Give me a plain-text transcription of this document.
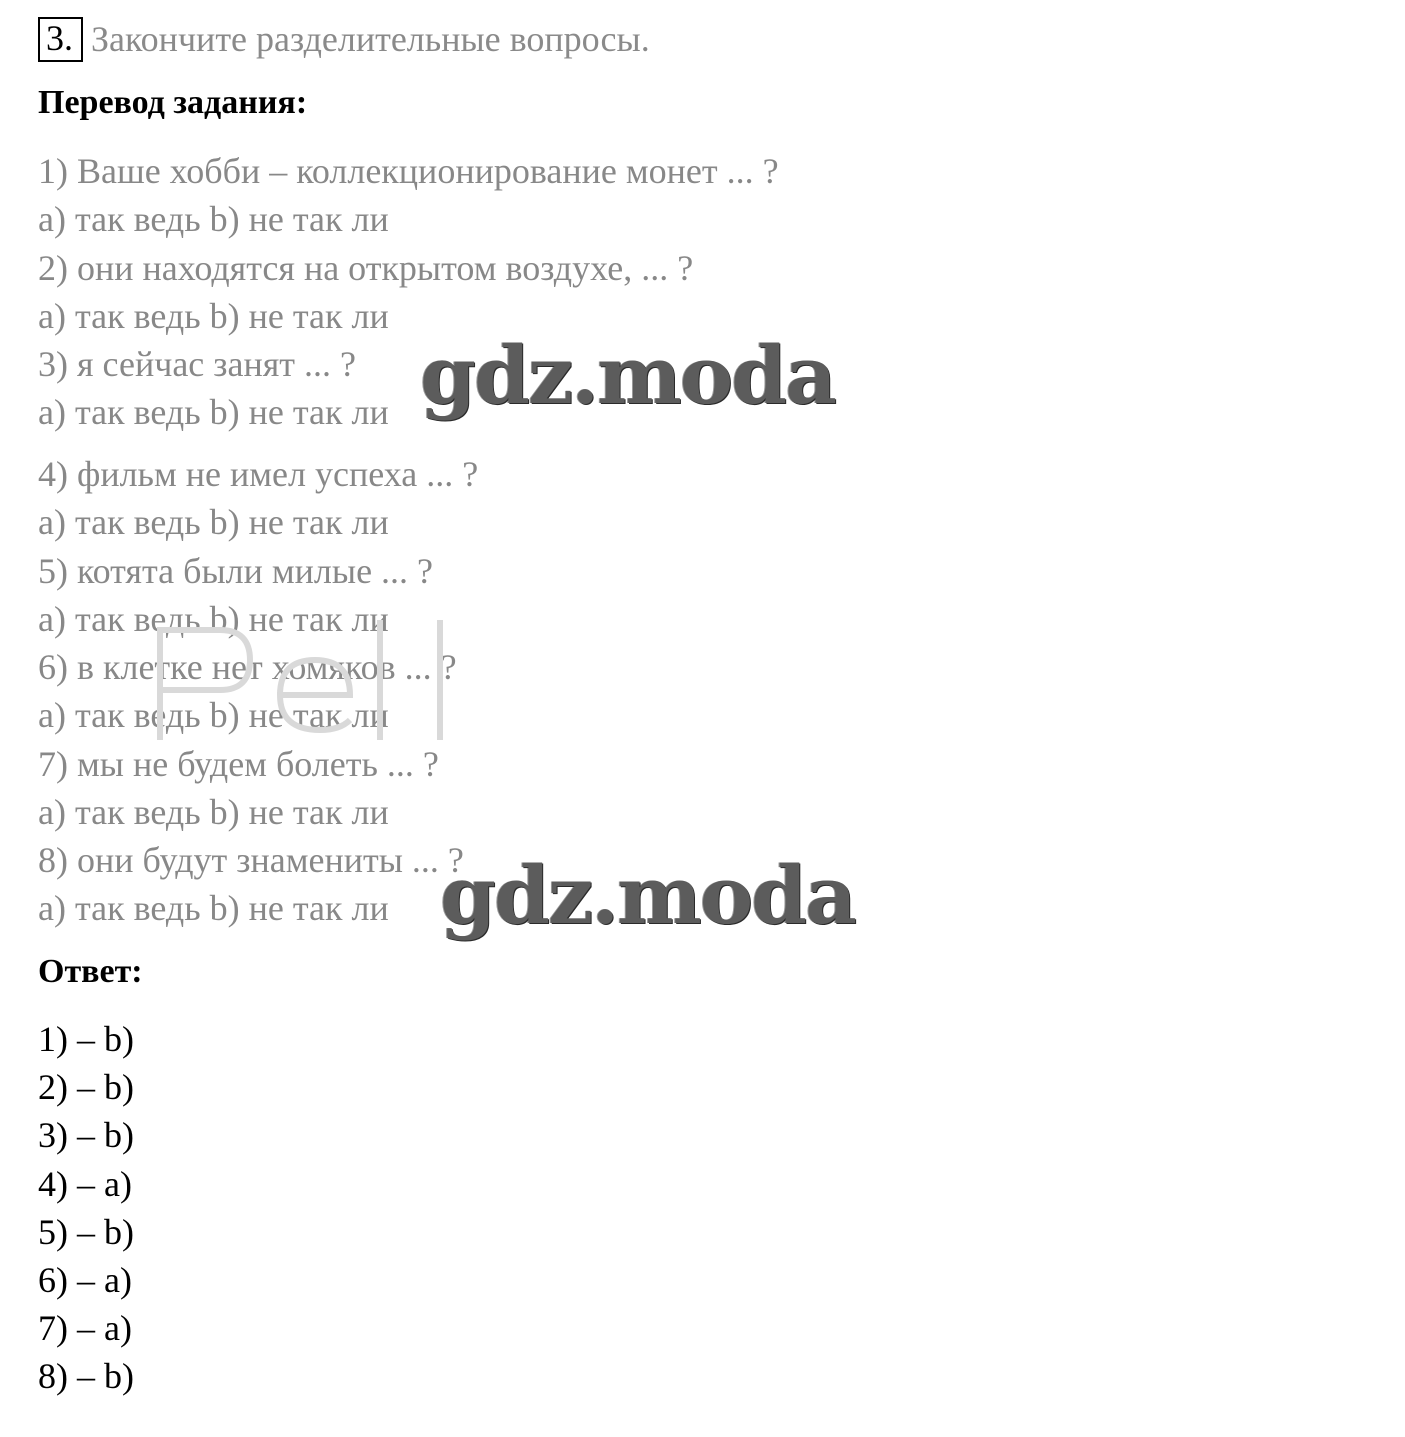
3. Закончите разделительные вопросы.
Перевод задания:
1) Ваше хобби – коллекционирование монет ... ?
a) так ведь b) не так ли
2) они находятся на открытом воздухе, ... ?
a) так ведь b) не так ли
3) я сейчас занят ... ?
a) так ведь b) не так ли
4) фильм не имел успеха ... ?
a) так ведь b) не так ли
5) котята были милые ... ?
a) так ведь b) не так ли
6) в клетке нет хомяков ... ?
a) так ведь b) не так ли
7) мы не будем болеть ... ?
a) так ведь b) не так ли
8) они будут знамениты ... ?
a) так ведь b) не так ли
gdz.moda
gdz.moda
Ответ:
1) – b)
2) – b)
3) – b)
4) – a)
5) – b)
6) – a)
7) – a)
8) – b)
